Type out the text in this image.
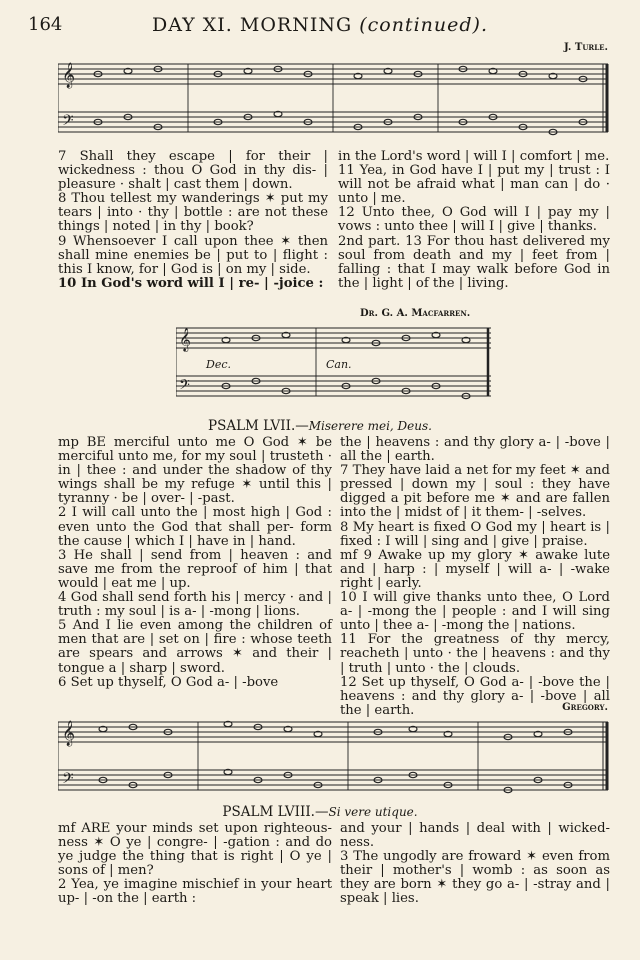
164	DAY XI. MORNING (continued).
J. Turle.
𝄞
𝄢

7 Shall they escape | for their | wickedness : thou O God in thy dis- | pleasure · shalt | cast them | down.

8 Thou tellest my wanderings ✶ put my tears | into · thy | bottle : are not these things | noted | in thy | book?

9 Whensoever I call upon thee ✶ then shall mine enemies be | put to | flight : this I know, for | God is | on my | side.

10 In God's word will I | re- | -joice :

in the Lord's word | will I | comfort | me.

11 Yea, in God have I | put my | trust : I will not be afraid what | man can | do · unto | me.

12 Unto thee, O God will I | pay my | vows : unto thee | will I | give | thanks.

2nd part. 13 For thou hast delivered my soul from death and my | feet from | falling : that I may walk before God in the | light | of the | living.

Dr. G. A. Macfarren.
𝄞
𝄢
Dec.	Can.
PSALM LVII.—Miserere mei, Deus.

mp BE merciful unto me O God ✶ be merciful unto me, for my soul | trusteth · in | thee : and under the shadow of thy wings shall be my refuge ✶ until this | tyranny · be | over- | -past.

2 I will call unto the | most high | God : even unto the God that shall per- form the cause | which I | have in | hand.

3 He shall | send from | heaven : and save me from the reproof of him | that would | eat me | up.

4 God shall send forth his | mercy · and | truth : my soul | is a- | -mong | lions.

5 And I lie even among the children of men that are | set on | fire : whose teeth are spears and arrows ✶ and their | tongue a | sharp | sword.

6 Set up thyself, O God a- | -bove

the | heavens : and thy glory a- | -bove | all the | earth.

7 They have laid a net for my feet ✶ and pressed | down my | soul : they have digged a pit before me ✶ and are fallen into the | midst of | it them- | -selves.

8 My heart is fixed O God my | heart is | fixed : I will | sing and | give | praise.

mf 9 Awake up my glory ✶ awake lute and | harp : | myself | will a- | -wake right | early.

10 I will give thanks unto thee, O Lord a- | -mong the | people : and I will sing unto | thee a- | -mong the | nations.

11 For the greatness of thy mercy, reacheth | unto · the | heavens : and thy | truth | unto · the | clouds.

12 Set up thyself, O God a- | -bove the | heavens : and thy glory a- | -bove | all the | earth.	Gregory.
𝄞
𝄢
PSALM LVIII.—Si vere utique.

mf ARE your minds set upon righteous- ness ✶ O ye | congre- | -gation : and do ye judge the thing that is right | O ye | sons of | men?

2 Yea, ye imagine mischief in your heart up- | -on the | earth :

and your | hands | deal with | wicked- ness.

3 The ungodly are froward ✶ even from their | mother's | womb : as soon as they are born ✶ they go a- | -stray and | speak | lies.
